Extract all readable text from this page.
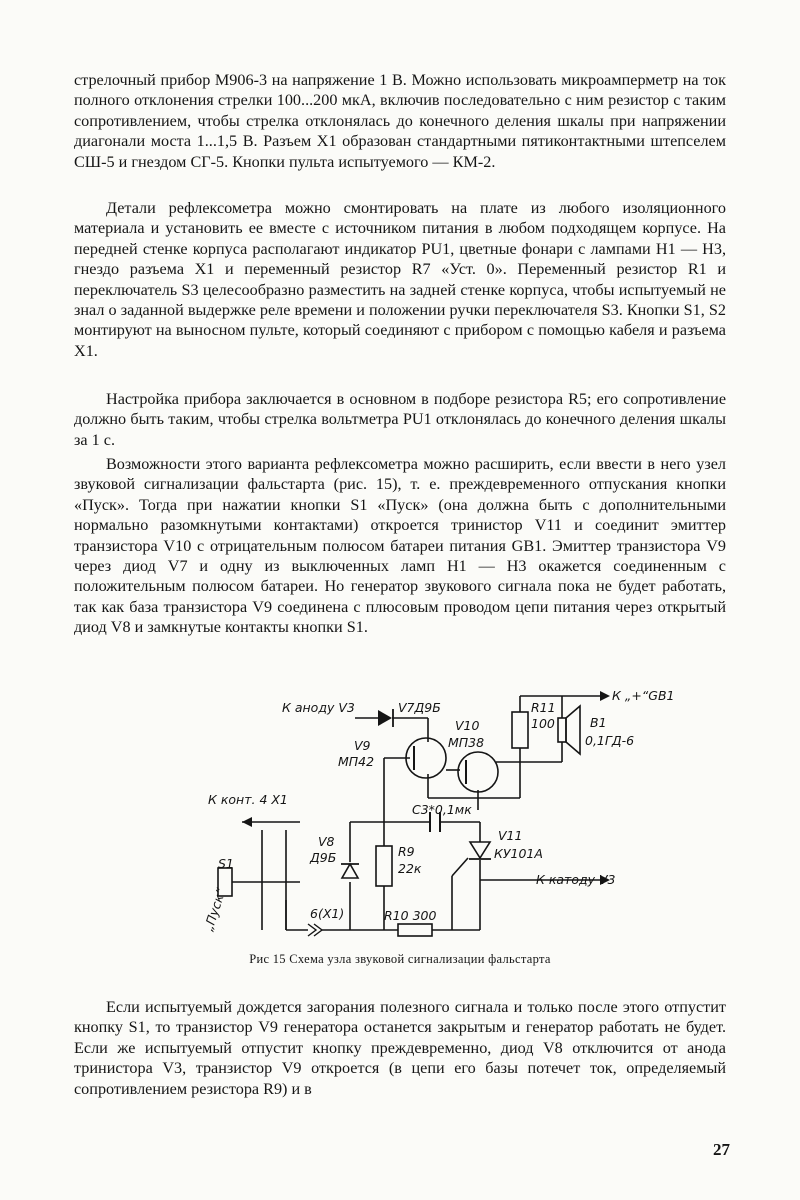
стрелочный прибор М906-3 на напряжение 1 В. Можно использовать микроамперметр на ток полного отклонения стрелки 100...200 мкА, включив последовательно с ним резистор с таким сопротивлением, чтобы стрелка отклонялась до конечного деления шкалы при напряжении диагонали моста 1...1,5 В. Разъем X1 образован стандартными пятиконтактными штепселем СШ-5 и гнездом СГ-5. Кнопки пульта испытуемого — КМ-2.

Детали рефлексометра можно смонтировать на плате из любого изоляционного материала и установить ее вместе с источником питания в любом подходящем корпусе. На передней стенке корпуса располагают индикатор PU1, цветные фонари с лампами H1 — H3, гнездо разъема X1 и переменный резистор R7 «Уст. 0». Переменный резистор R1 и переключатель S3 целесообразно разместить на задней стенке корпуса, чтобы испытуемый не знал о заданной выдержке реле времени и положении ручки переключателя S3. Кнопки S1, S2 монтируют на выносном пульте, который соединяют с прибором с помощью кабеля и разъема X1.

Настройка прибора заключается в основном в подборе резистора R5; его сопротивление должно быть таким, чтобы стрелка вольтметра PU1 отклонялась до конечного деления шкалы за 1 с.

Возможности этого варианта рефлексометра можно расширить, если ввести в него узел звуковой сигнализации фальстарта (рис. 15), т. е. преждевременного отпускания кнопки «Пуск». Тогда при нажатии кнопки S1 «Пуск» (она должна быть с дополнительными нормально разомкнутыми контактами) откроется тринистор V11 и соединит эмиттер транзистора V10 с отрицательным полюсом батареи питания GB1. Эмиттер транзистора V9 через диод V7 и одну из выключенных ламп H1 — H3 окажется соединенным с положительным полюсом батареи. Но генератор звукового сигнала пока не будет работать, так как база транзистора V9 соединена с плюсовым проводом цепи питания через открытый диод V8 и замкнутые контакты кнопки S1.

К аноду V3	V7Д9Б
V9
МП42
V10
МП38
R11
100
К „+“GB1
B1
0,1ГД-6
К конт. 4 X1
C3*0,1мк
V8
Д9Б	R9
22к
V11
КУ101А
S1
„Пуск“	6(X1)
К катоду V3
R10 300
Рис 15 Схема узла звуковой сигнализации фальстарта

Если испытуемый дождется загорания полезного сигнала и только после этого отпустит кнопку S1, то транзистор V9 генератора останется закрытым и генератор работать не будет. Если же испытуемый отпустит кнопку преждевременно, диод V8 отключится от анода тринистора V3, транзистор V9 откроется (в цепи его базы потечет ток, определяемый сопротивлением резистора R9) и в

27
